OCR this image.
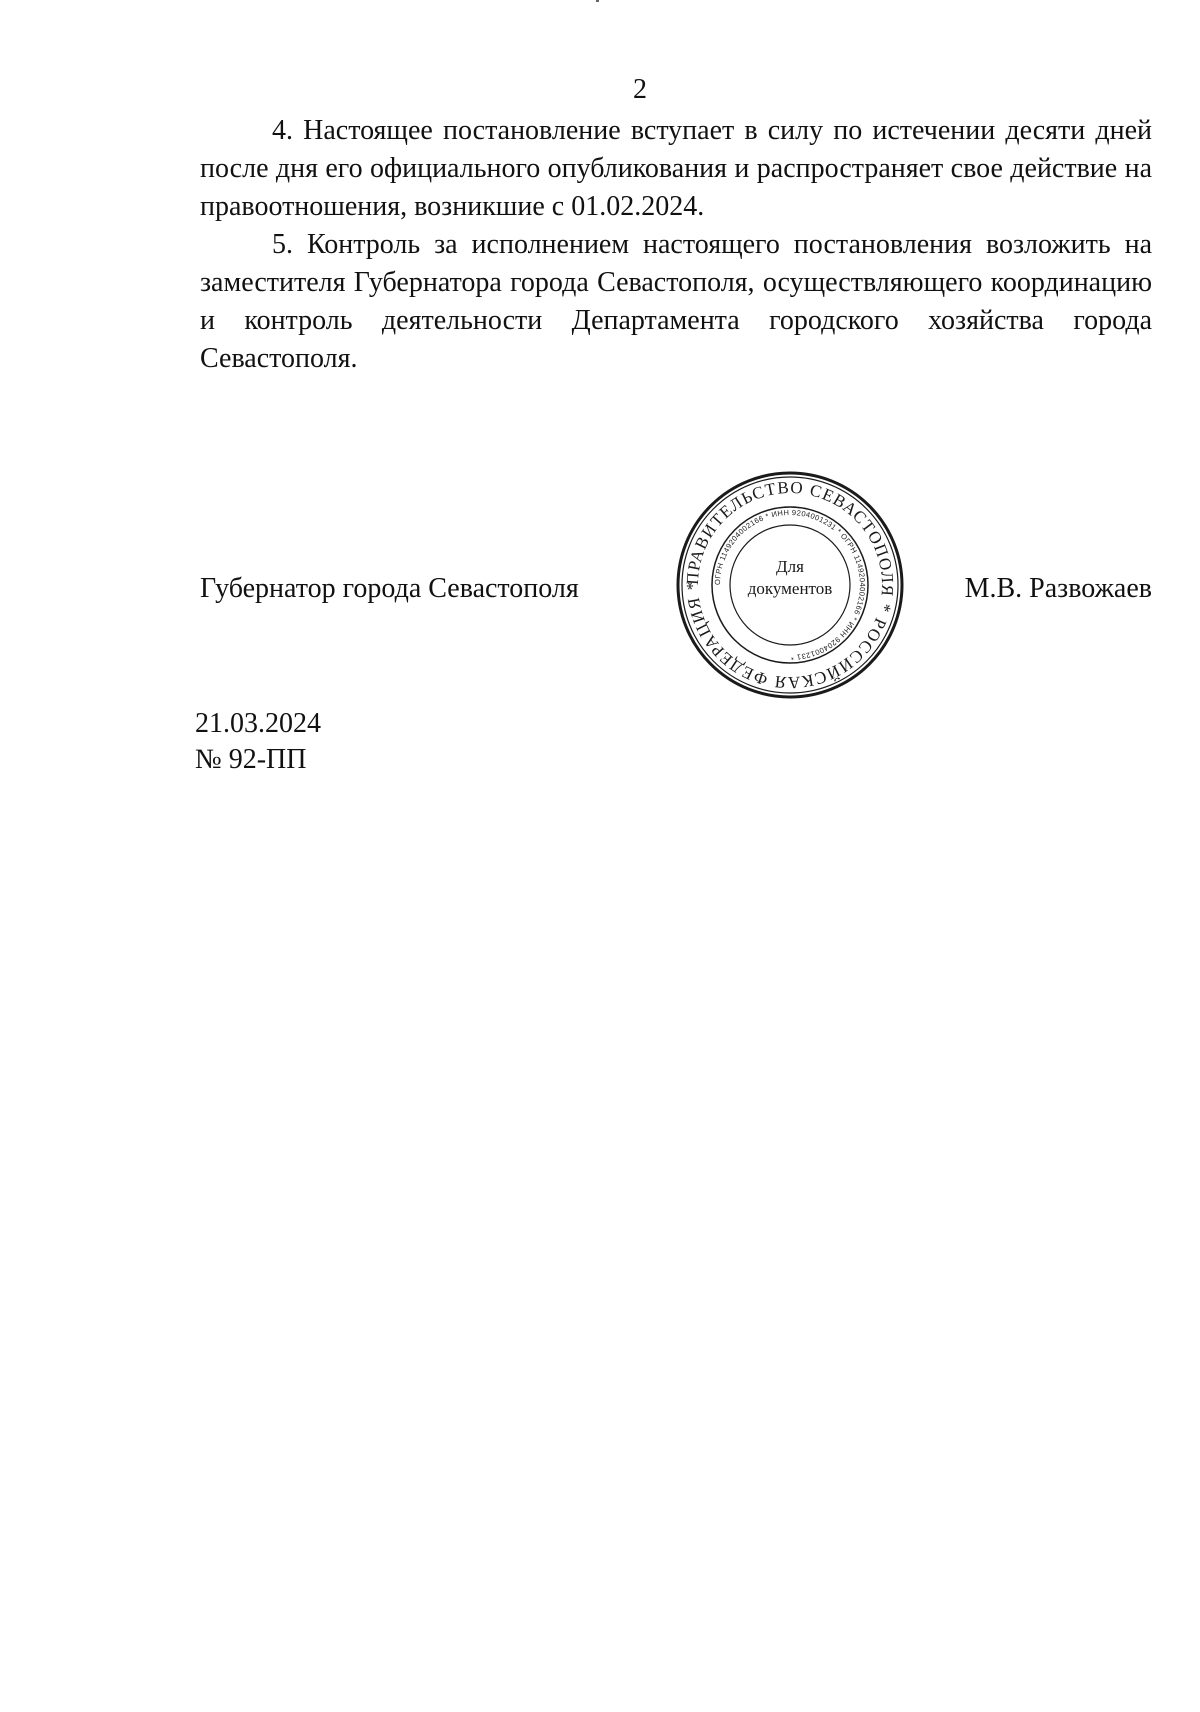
2

4. Настоящее постановление вступает в силу по истечении десяти дней после дня его официального опубликования и распространяет свое действие на правоотношения, возникшие с 01.02.2024.

5. Контроль за исполнением настоящего постановления возложить на заместителя Губернатора города Севастополя, осуществляющего координацию и контроль деятельности Департамента городского хозяйства города Севастополя.

Губернатор города Севастополя	М.В. Развожаев
ПРАВИТЕЛЬСТВО СЕВАСТОПОЛЯ * РОССИЙСКАЯ ФЕДЕРАЦИЯ *	ОГРН 1149204002166 * ИНН 9204001231 * ОГРН 1149204002166 * ИНН 9204001231 *
Для
документов
21.03.2024
№ 92-ПП
